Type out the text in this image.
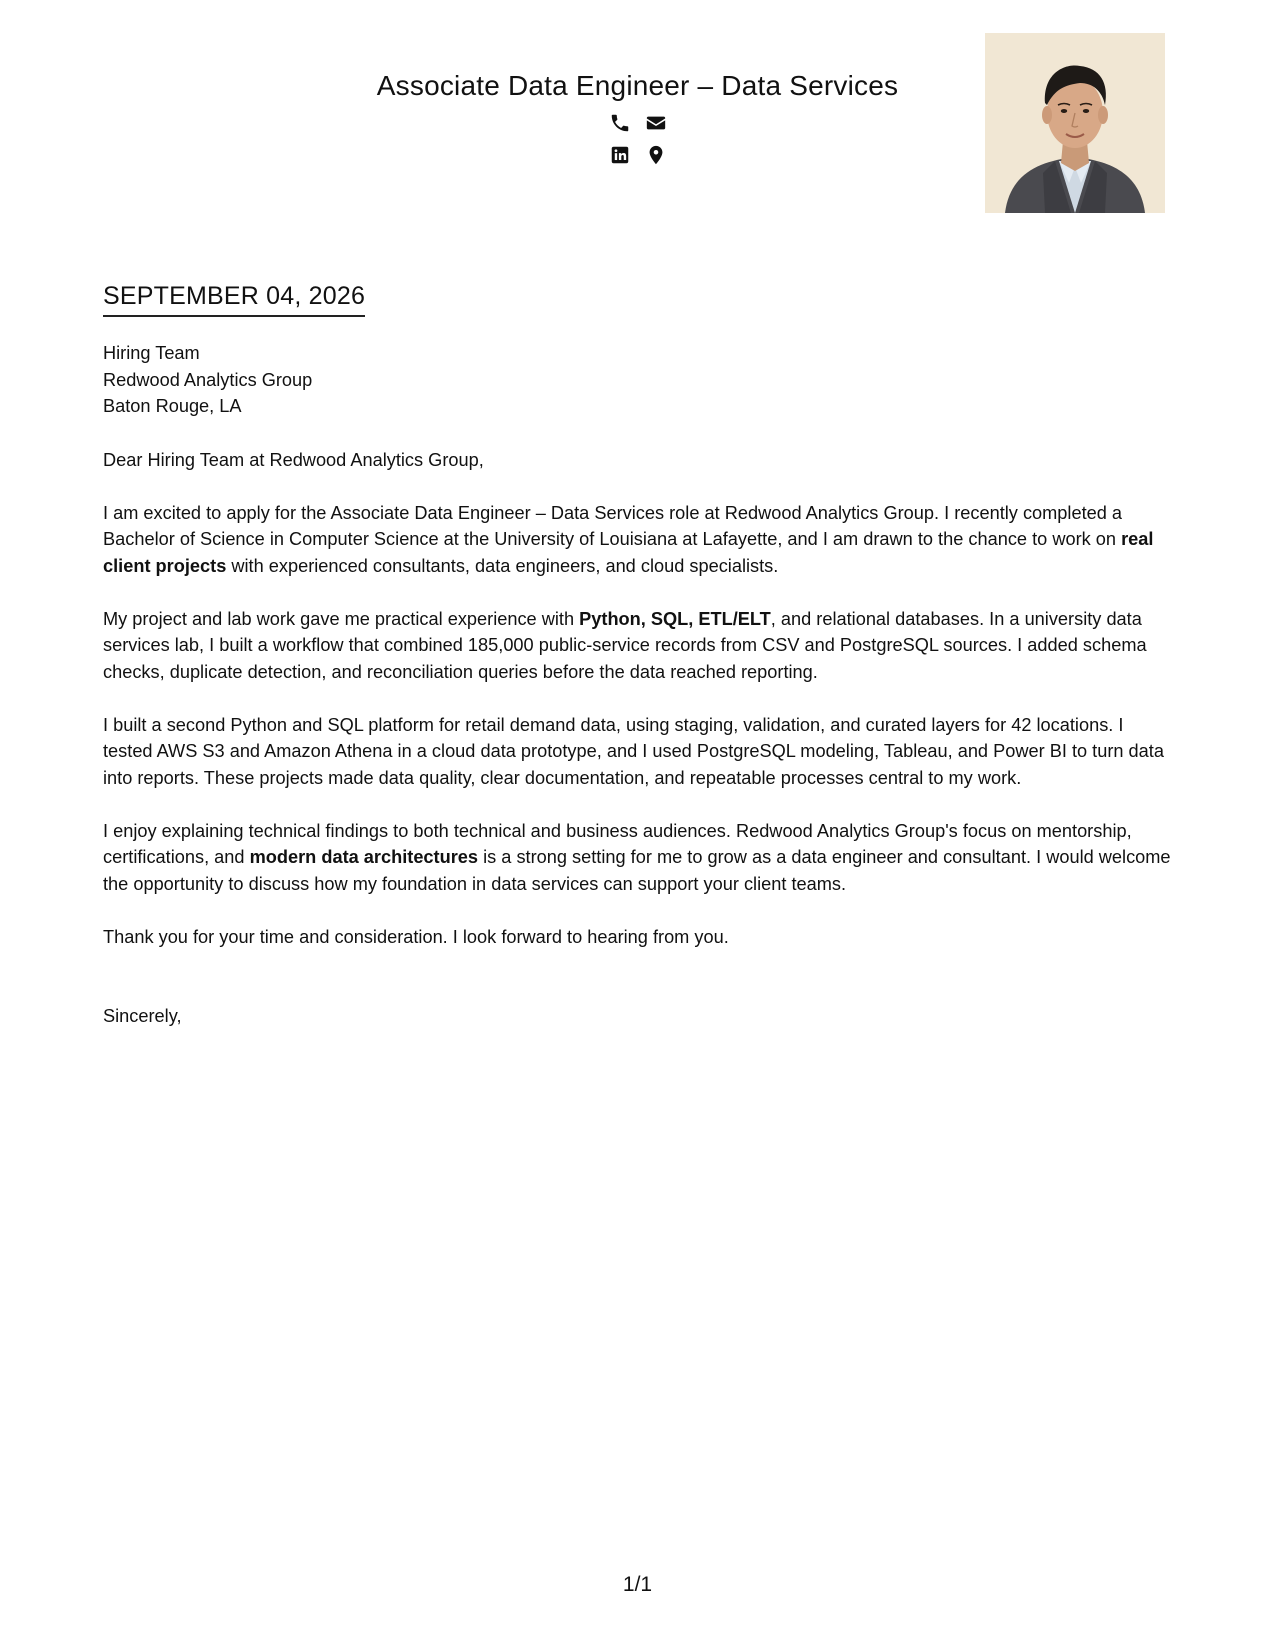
Associate Data Engineer – Data Services
SEPTEMBER 04, 2026
Hiring Team
Redwood Analytics Group
Baton Rouge, LA

Dear Hiring Team at Redwood Analytics Group,

I am excited to apply for the Associate Data Engineer – Data Services role at Redwood Analytics Group. I recently completed a Bachelor of Science in Computer Science at the University of Louisiana at Lafayette, and I am drawn to the chance to work on real client projects with experienced consultants, data engineers, and cloud specialists.

My project and lab work gave me practical experience with Python, SQL, ETL/ELT, and relational databases. In a university data services lab, I built a workflow that combined 185,000 public-service records from CSV and PostgreSQL sources. I added schema checks, duplicate detection, and reconciliation queries before the data reached reporting.

I built a second Python and SQL platform for retail demand data, using staging, validation, and curated layers for 42 locations. I tested AWS S3 and Amazon Athena in a cloud data prototype, and I used PostgreSQL modeling, Tableau, and Power BI to turn data into reports. These projects made data quality, clear documentation, and repeatable processes central to my work.

I enjoy explaining technical findings to both technical and business audiences. Redwood Analytics Group's focus on mentorship, certifications, and modern data architectures is a strong setting for me to grow as a data engineer and consultant. I would welcome the opportunity to discuss how my foundation in data services can support your client teams.

Thank you for your time and consideration. I look forward to hearing from you.

Sincerely,

1/1
